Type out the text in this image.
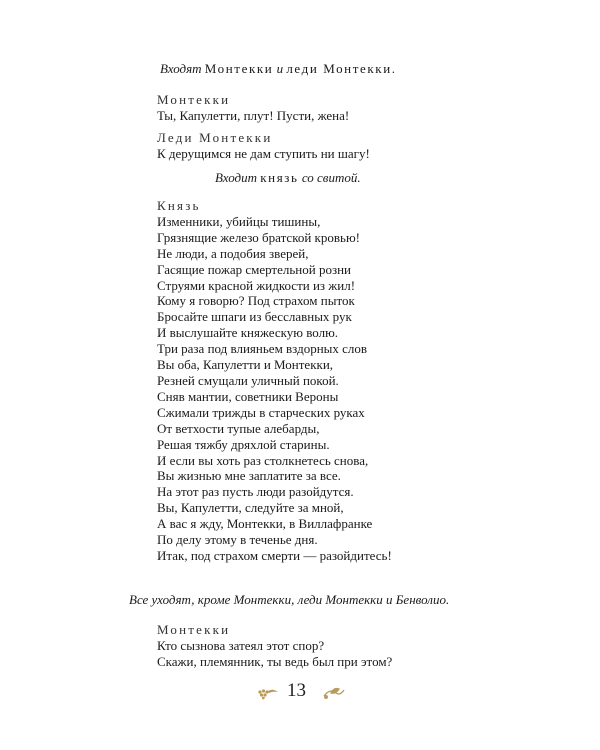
Входят Монтекки и леди Монтекки.
Монтекки
Ты, Капулетти, плут! Пусти, жена!
Леди Монтекки
К дерущимся не дам ступить ни шагу!
Входит князь со свитой.
Князь
Изменники, убийцы тишины,
Грязнящие железо братской кровью!
Не люди, а подобия зверей,
Гасящие пожар смертельной розни
Струями красной жидкости из жил!
Кому я говорю? Под страхом пыток
Бросайте шпаги из бесславных рук
И выслушайте княжескую волю.
Три раза под влияньем вздорных слов
Вы оба, Капулетти и Монтекки,
Резней смущали уличный покой.
Сняв мантии, советники Вероны
Сжимали трижды в старческих руках
От ветхости тупые алебарды,
Решая тяжбу дряхлой старины.
И если вы хоть раз столкнетесь снова,
Вы жизнью мне заплатите за все.
На этот раз пусть люди разойдутся.
Вы, Капулетти, следуйте за мной,
А вас я жду, Монтекки, в Виллафранке
По делу этому в теченье дня.
Итак, под страхом смерти — разойдитесь!
Все уходят, кроме Монтекки, леди Монтекки и Бенволио.
Монтекки
Кто сызнова затеял этот спор?
Скажи, племянник, ты ведь был при этом?
13
